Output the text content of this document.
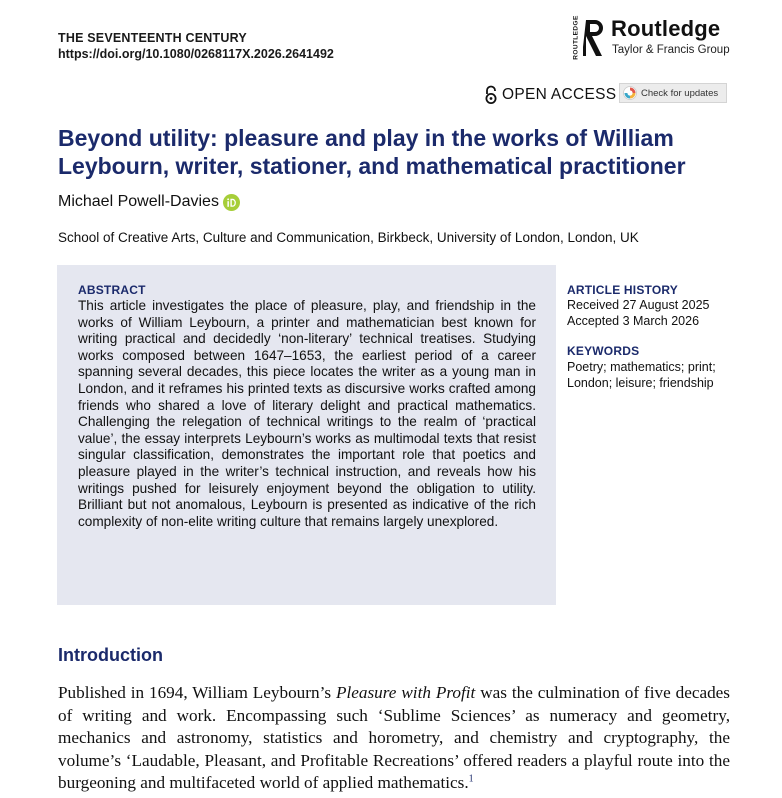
THE SEVENTEENTH CENTURY
https://doi.org/10.1080/0268117X.2026.2641492	ROUTLEDGE Routledge
Taylor & Francis Group
OPEN ACCESS	Check for updates
Beyond utility: pleasure and play in the works of William Leybourn, writer, stationer, and mathematical practitioner
Michael Powell-Davies
School of Creative Arts, Culture and Communication, Birkbeck, University of London, London, UK
ABSTRACT

This article investigates the place of pleasure, play, and friendship in the works of William Leybourn, a printer and mathematician best known for writing practical and decidedly ‘non-literary’ technical treatises. Studying works composed between 1647–1653, the earliest period of a career spanning several decades, this piece locates the writer as a young man in London, and it reframes his printed texts as discursive works crafted among friends who shared a love of literary delight and practical mathematics. Challenging the relegation of technical writings to the realm of ‘practical value’, the essay interprets Leybourn’s works as multimodal texts that resist singular classification, demonstrates the important role that poetics and pleasure played in the writer’s technical instruction, and reveals how his writings pushed for leisurely enjoyment beyond the obligation to utility. Brilliant but not anomalous, Leybourn is presented as indicative of the rich complexity of non-elite writing culture that remains largely unexplored.

ARTICLE HISTORY
Received 27 August 2025
Accepted 3 March 2026
KEYWORDS

Poetry; mathematics; print; London; leisure; friendship

Introduction

Published in 1694, William Leybourn’s Pleasure with Profit was the culmination of five decades of writing and work. Encompassing such ‘Sublime Sciences’ as numeracy and geometry, mechanics and astronomy, statistics and horometry, and chemistry and cryptography, the volume’s ‘Laudable, Pleasant, and Profitable Recreations’ offered readers a playful route into the burgeoning and multifaceted world of applied mathematics.$^1$
